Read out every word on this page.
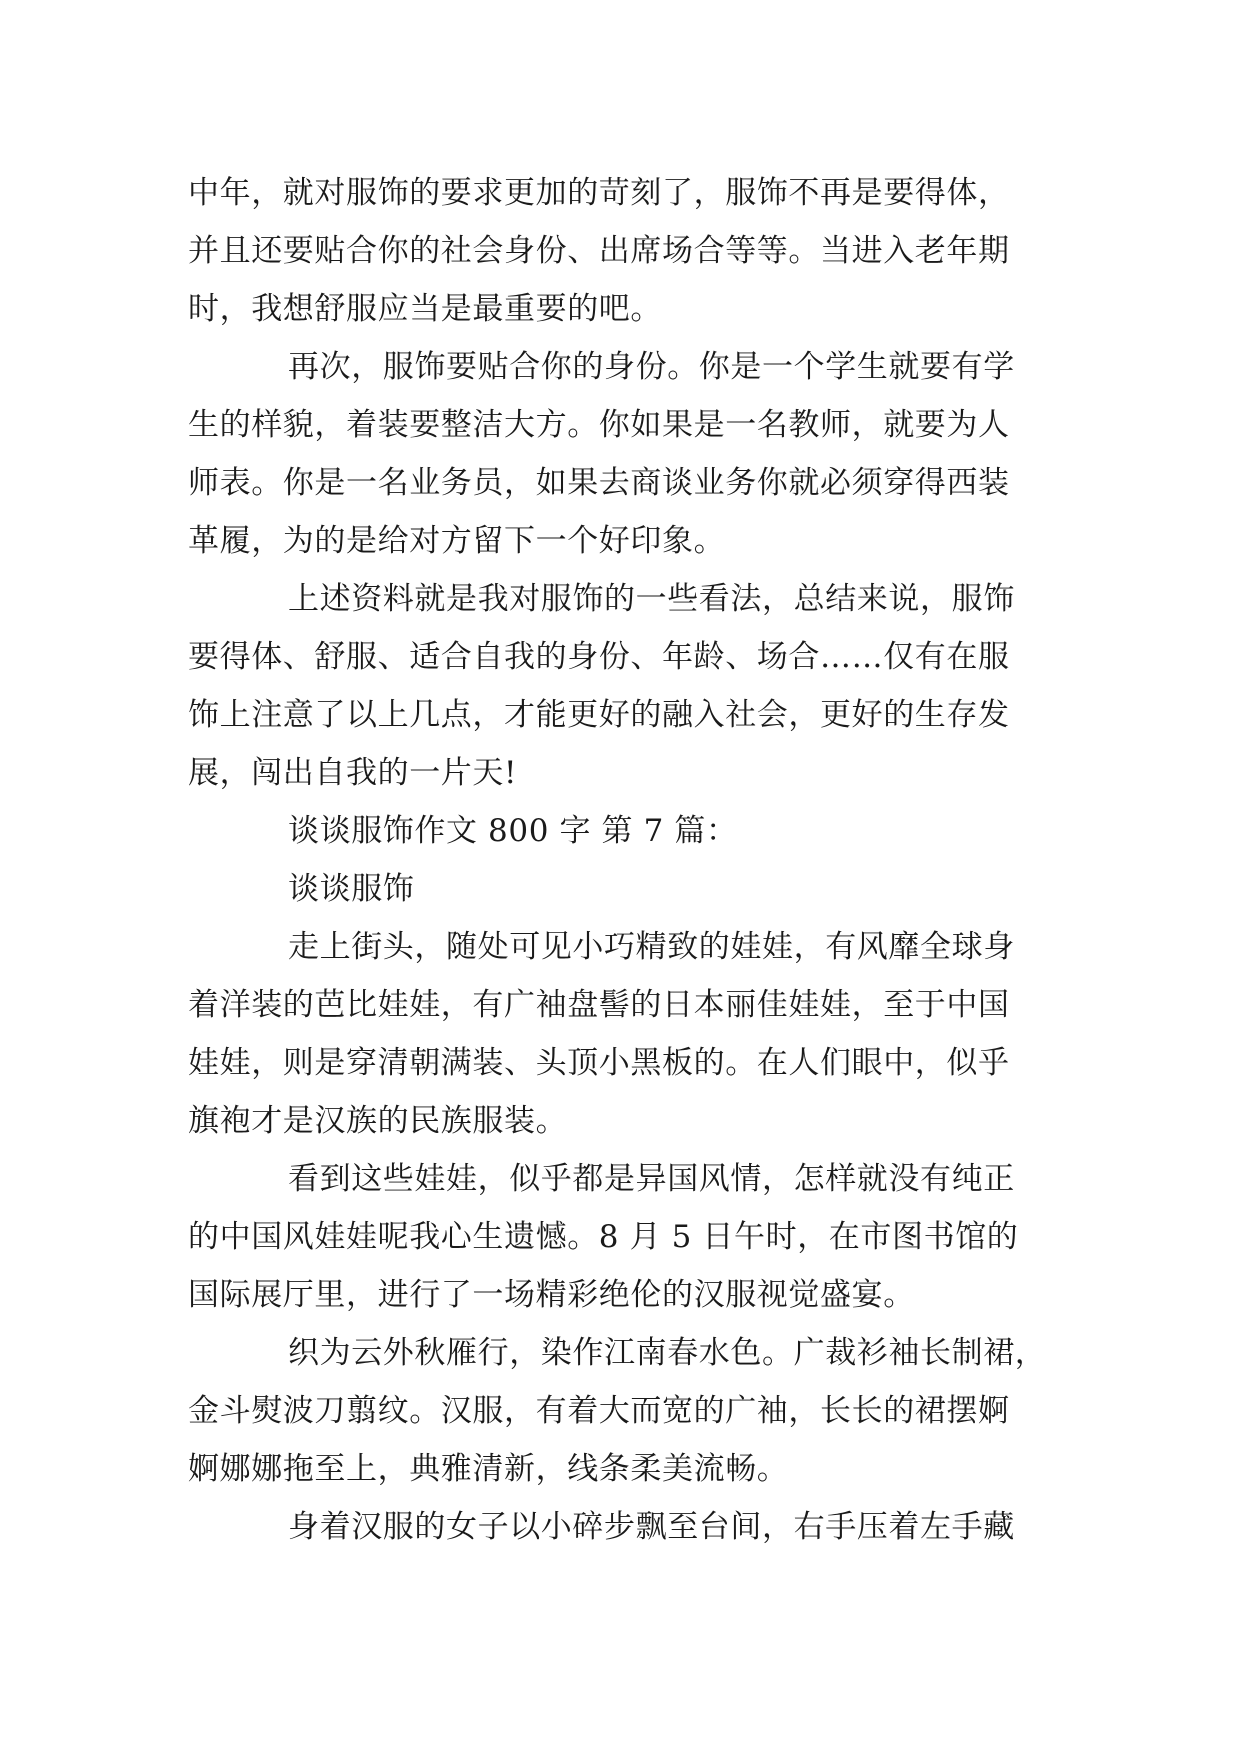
中年，就对服饰的要求更加的苛刻了，服饰不再是要得体，
并且还要贴合你的社会身份、出席场合等等。当进入老年期
时，我想舒服应当是最重要的吧。
再次，服饰要贴合你的身份。你是一个学生就要有学
生的样貌，着装要整洁大方。你如果是一名教师，就要为人
师表。你是一名业务员，如果去商谈业务你就必须穿得西装
革履，为的是给对方留下一个好印象。
上述资料就是我对服饰的一些看法，总结来说，服饰
要得体、舒服、适合自我的身份、年龄、场合……仅有在服
饰上注意了以上几点，才能更好的融入社会，更好的生存发
展，闯出自我的一片天!
谈谈服饰作文 800 字 第 7 篇：
谈谈服饰
走上街头，随处可见小巧精致的娃娃，有风靡全球身
着洋装的芭比娃娃，有广袖盘髻的日本丽佳娃娃，至于中国
娃娃，则是穿清朝满装、头顶小黑板的。在人们眼中，似乎
旗袍才是汉族的民族服装。
看到这些娃娃，似乎都是异国风情，怎样就没有纯正
的中国风娃娃呢我心生遗憾。8 月 5 日午时，在市图书馆的
国际展厅里，进行了一场精彩绝伦的汉服视觉盛宴。
织为云外秋雁行，染作江南春水色。广裁衫袖长制裙，
金斗熨波刀翦纹。汉服，有着大而宽的广袖，长长的裙摆婀
婀娜娜拖至上，典雅清新，线条柔美流畅。
身着汉服的女子以小碎步飘至台间，右手压着左手藏
